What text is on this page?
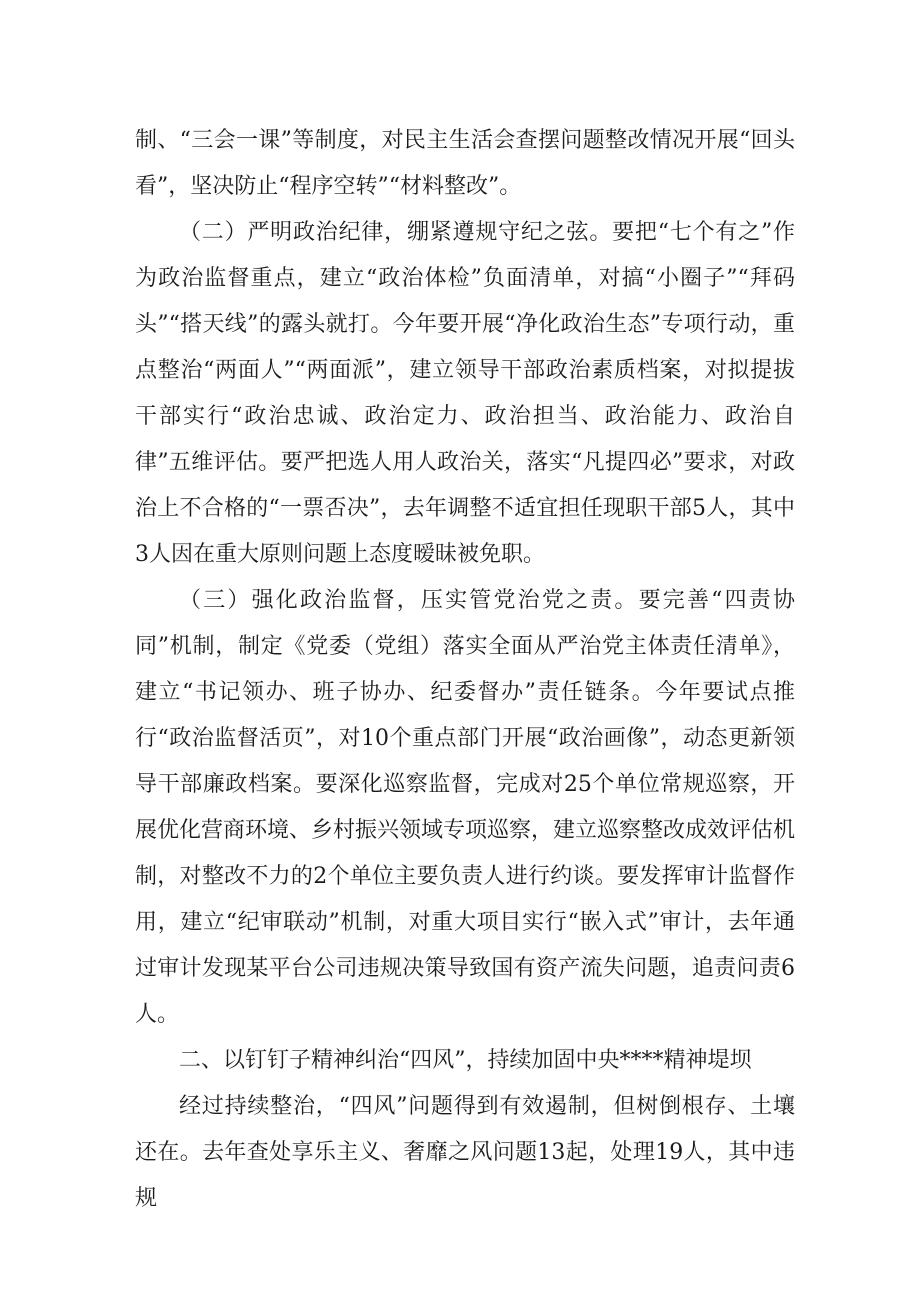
制、“三会一课”等制度，对民主生活会查摆问题整改情况开展“回头看”，坚决防止“程序空转”“材料整改”。

（二）严明政治纪律，绷紧遵规守纪之弦。要把“七个有之”作为政治监督重点，建立“政治体检”负面清单，对搞“小圈子”“拜码头”“搭天线”的露头就打。今年要开展“净化政治生态”专项行动，重点整治“两面人”“两面派”，建立领导干部政治素质档案，对拟提拔干部实行“政治忠诚、政治定力、政治担当、政治能力、政治自律”五维评估。要严把选人用人政治关，落实“凡提四必”要求，对政治上不合格的“一票否决”，去年调整不适宜担任现职干部5人，其中3人因在重大原则问题上态度暧昧被免职。

（三）强化政治监督，压实管党治党之责。要完善“四责协同”机制，制定《党委（党组）落实全面从严治党主体责任清单》，建立“书记领办、班子协办、纪委督办”责任链条。今年要试点推行“政治监督活页”，对10个重点部门开展“政治画像”，动态更新领导干部廉政档案。要深化巡察监督，完成对25个单位常规巡察，开展优化营商环境、乡村振兴领域专项巡察，建立巡察整改成效评估机制，对整改不力的2个单位主要负责人进行约谈。要发挥审计监督作用，建立“纪审联动”机制，对重大项目实行“嵌入式”审计，去年通过审计发现某平台公司违规决策导致国有资产流失问题，追责问责6人。

二、以钉钉子精神纠治“四风”，持续加固中央****精神堤坝

经过持续整治，“四风”问题得到有效遏制，但树倒根存、土壤还在。去年查处享乐主义、奢靡之风问题13起，处理19人，其中违规
